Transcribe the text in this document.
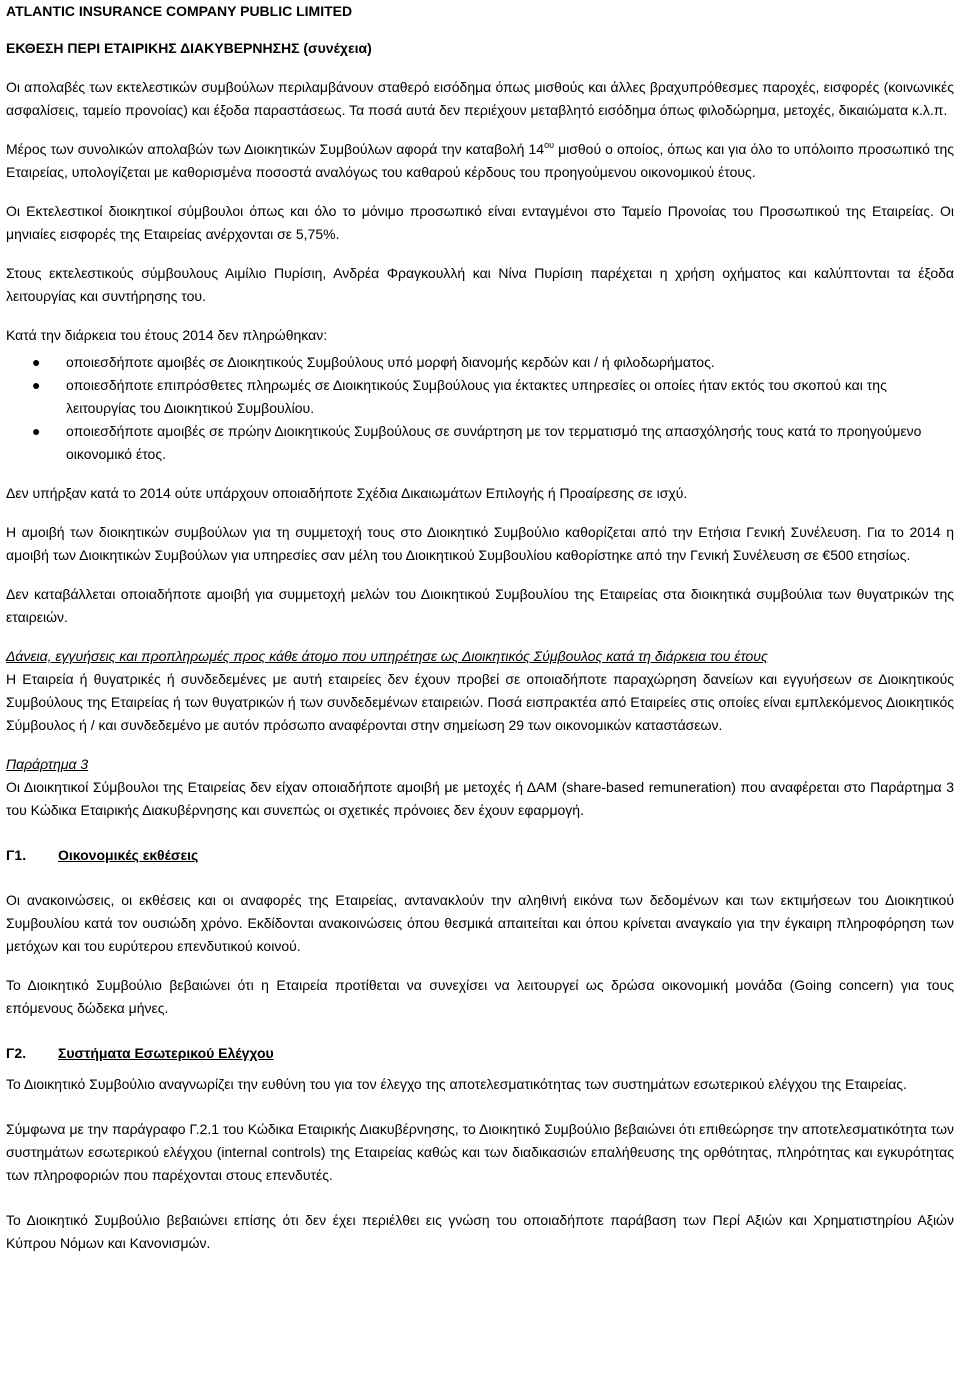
ATLANTIC INSURANCE COMPANY PUBLIC LIMITED
ΕΚΘΕΣΗ ΠΕΡΙ ΕΤΑΙΡΙΚΗΣ ΔΙΑΚΥΒΕΡΝΗΣΗΣ (συνέχεια)

Οι απολαβές των εκτελεστικών συμβούλων περιλαμβάνουν σταθερό εισόδημα όπως μισθούς και άλλες βραχυπρόθεσμες παροχές, εισφορές (κοινωνικές ασφαλίσεις, ταμείο προνοίας) και έξοδα παραστάσεως. Τα ποσά αυτά δεν περιέχουν μεταβλητό εισόδημα όπως φιλοδώρημα, μετοχές, δικαιώματα κ.λ.π.

Μέρος των συνολικών απολαβών των Διοικητικών Συμβούλων αφορά την καταβολή $14^{o\upsilon}$ μισθού ο οποίος, όπως και για όλο το υπόλοιπο προσωπικό της Εταιρείας, υπολογίζεται με καθορισμένα ποσοστά αναλόγως του καθαρού κέρδους του προηγούμενου οικονομικού έτους.

Οι Εκτελεστικοί διοικητικοί σύμβουλοι όπως και όλο το μόνιμο προσωπικό είναι ενταγμένοι στο Ταμείο Προνοίας του Προσωπικού της Εταιρείας. Οι μηνιαίες εισφορές της Εταιρείας ανέρχονται σε 5,75%.

Στους εκτελεστικούς σύμβουλους Αιμίλιο Πυρίσιη, Ανδρέα Φραγκουλλή και Νίνα Πυρίσιη παρέχεται η χρήση οχήματος και καλύπτονται τα έξοδα λειτουργίας και συντήρησης του.

Κατά την διάρκεια του έτους 2014 δεν πληρώθηκαν:

● οποιεσδήποτε αμοιβές σε Διοικητικούς Συμβούλους υπό μορφή διανομής κερδών και / ή φιλοδωρήματος.
● οποιεσδήποτε επιπρόσθετες πληρωμές σε Διοικητικούς Συμβούλους για έκτακτες υπηρεσίες οι οποίες ήταν εκτός του σκοπού και της λειτουργίας του Διοικητικού Συμβουλίου.
● οποιεσδήποτε αμοιβές σε πρώην Διοικητικούς Συμβούλους σε συνάρτηση με τον τερματισμό της απασχόλησής τους κατά το προηγούμενο οικονομικό έτος.

Δεν υπήρξαν κατά το 2014 ούτε υπάρχουν οποιαδήποτε Σχέδια Δικαιωμάτων Επιλογής ή Προαίρεσης σε ισχύ.

Η αμοιβή των διοικητικών συμβούλων για τη συμμετοχή τους στο Διοικητικό Συμβούλιο καθορίζεται από την Ετήσια Γενική Συνέλευση. Για το 2014 η αμοιβή των Διοικητικών Συμβούλων για υπηρεσίες σαν μέλη του Διοικητικού Συμβουλίου καθορίστηκε από την Γενική Συνέλευση σε €500 ετησίως.

Δεν καταβάλλεται οποιαδήποτε αμοιβή για συμμετοχή μελών του Διοικητικού Συμβουλίου της Εταιρείας στα διοικητικά συμβούλια των θυγατρικών της εταιρειών.

Δάνεια, εγγυήσεις και προπληρωμές προς κάθε άτομο που υπηρέτησε ως Διοικητικός Σύμβουλος κατά τη διάρκεια του έτους

Η Εταιρεία ή θυγατρικές ή συνδεδεμένες με αυτή εταιρείες δεν έχουν προβεί σε οποιαδήποτε παραχώρηση δανείων και εγγυήσεων σε Διοικητικούς Συμβούλους της Εταιρείας ή των θυγατρικών ή των συνδεδεμένων εταιρειών. Ποσά εισπρακτέα από Εταιρείες στις οποίες είναι εμπλεκόμενος Διοικητικός Σύμβουλος ή / και συνδεδεμένο με αυτόν πρόσωπο αναφέρονται στην σημείωση 29 των οικονομικών καταστάσεων.

Παράρτημα 3

Οι Διοικητικοί Σύμβουλοι της Εταιρείας δεν είχαν οποιαδήποτε αμοιβή με μετοχές ή ΔΑΜ (share-based remuneration) που αναφέρεται στο Παράρτημα 3 του Κώδικα Εταιρικής Διακυβέρνησης και συνεπώς οι σχετικές πρόνοιες δεν έχουν εφαρμογή.

Γ1.	Οικονομικές εκθέσεις

Οι ανακοινώσεις, οι εκθέσεις και οι αναφορές της Εταιρείας, αντανακλούν την αληθινή εικόνα των δεδομένων και των εκτιμήσεων του Διοικητικού Συμβουλίου κατά τον ουσιώδη χρόνο. Εκδίδονται ανακοινώσεις όπου θεσμικά απαιτείται και όπου κρίνεται αναγκαίο για την έγκαιρη πληροφόρηση των μετόχων και του ευρύτερου επενδυτικού κοινού.

Το Διοικητικό Συμβούλιο βεβαιώνει ότι η Εταιρεία προτίθεται να συνεχίσει να λειτουργεί ως δρώσα οικονομική μονάδα (Going concern) για τους επόμενους δώδεκα μήνες.

Γ2.	Συστήματα Εσωτερικού Ελέγχου

Το Διοικητικό Συμβούλιο αναγνωρίζει την ευθύνη του για τον έλεγχο της αποτελεσματικότητας των συστημάτων εσωτερικού ελέγχου της Εταιρείας.

Σύμφωνα με την παράγραφο Γ.2.1 του Κώδικα Εταιρικής Διακυβέρνησης, το Διοικητικό Συμβούλιο βεβαιώνει ότι επιθεώρησε την αποτελεσματικότητα των συστημάτων εσωτερικού ελέγχου (internal controls) της Εταιρείας καθώς και των διαδικασιών επαλήθευσης της ορθότητας, πληρότητας και εγκυρότητας των πληροφοριών που παρέχονται στους επενδυτές.

Το Διοικητικό Συμβούλιο βεβαιώνει επίσης ότι δεν έχει περιέλθει εις γνώση του οποιαδήποτε παράβαση των Περί Αξιών και Χρηματιστηρίου Αξιών Κύπρου Νόμων και Κανονισμών.
